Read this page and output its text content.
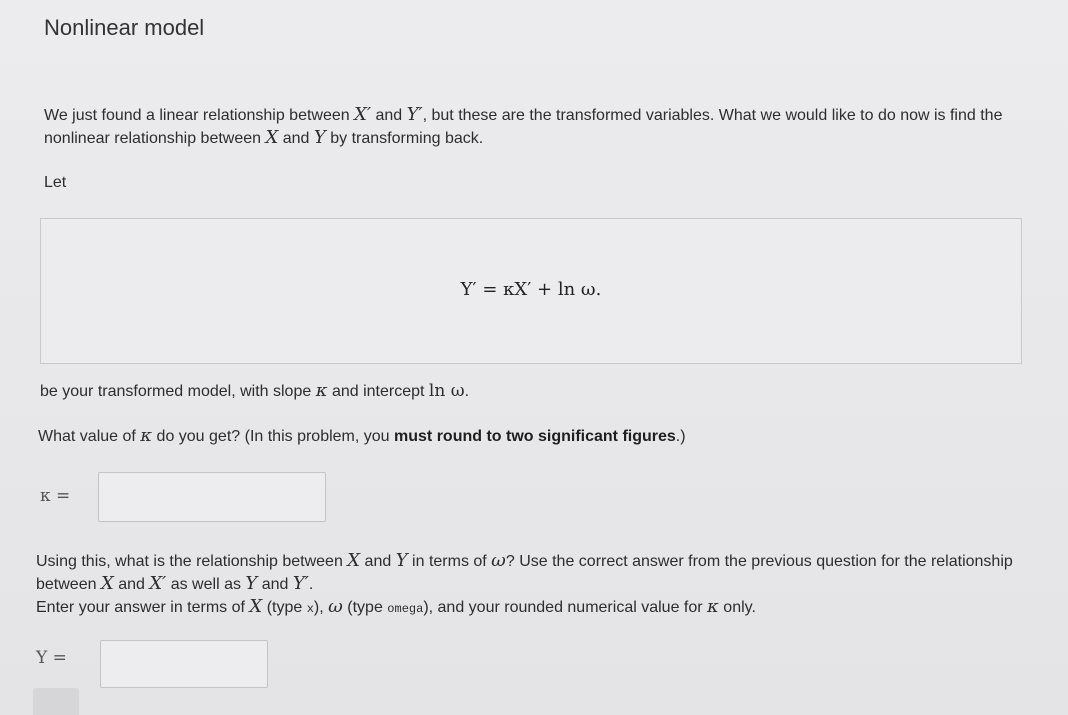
Nonlinear model
We just found a linear relationship between X′ and Y′, but these are the transformed variables. What we would like to do now is find the nonlinear relationship between X and Y by transforming back.
Let
Y′ = κX′ + ln ω.
be your transformed model, with slope κ and intercept ln ω.
What value of κ do you get? (In this problem, you must round to two significant figures.)
κ =
Using this, what is the relationship between X and Y in terms of ω? Use the correct answer from the previous question for the relationship between X and X′ as well as Y and Y′.
Enter your answer in terms of X (type x), ω (type omega), and your rounded numerical value for κ only.
Y =
